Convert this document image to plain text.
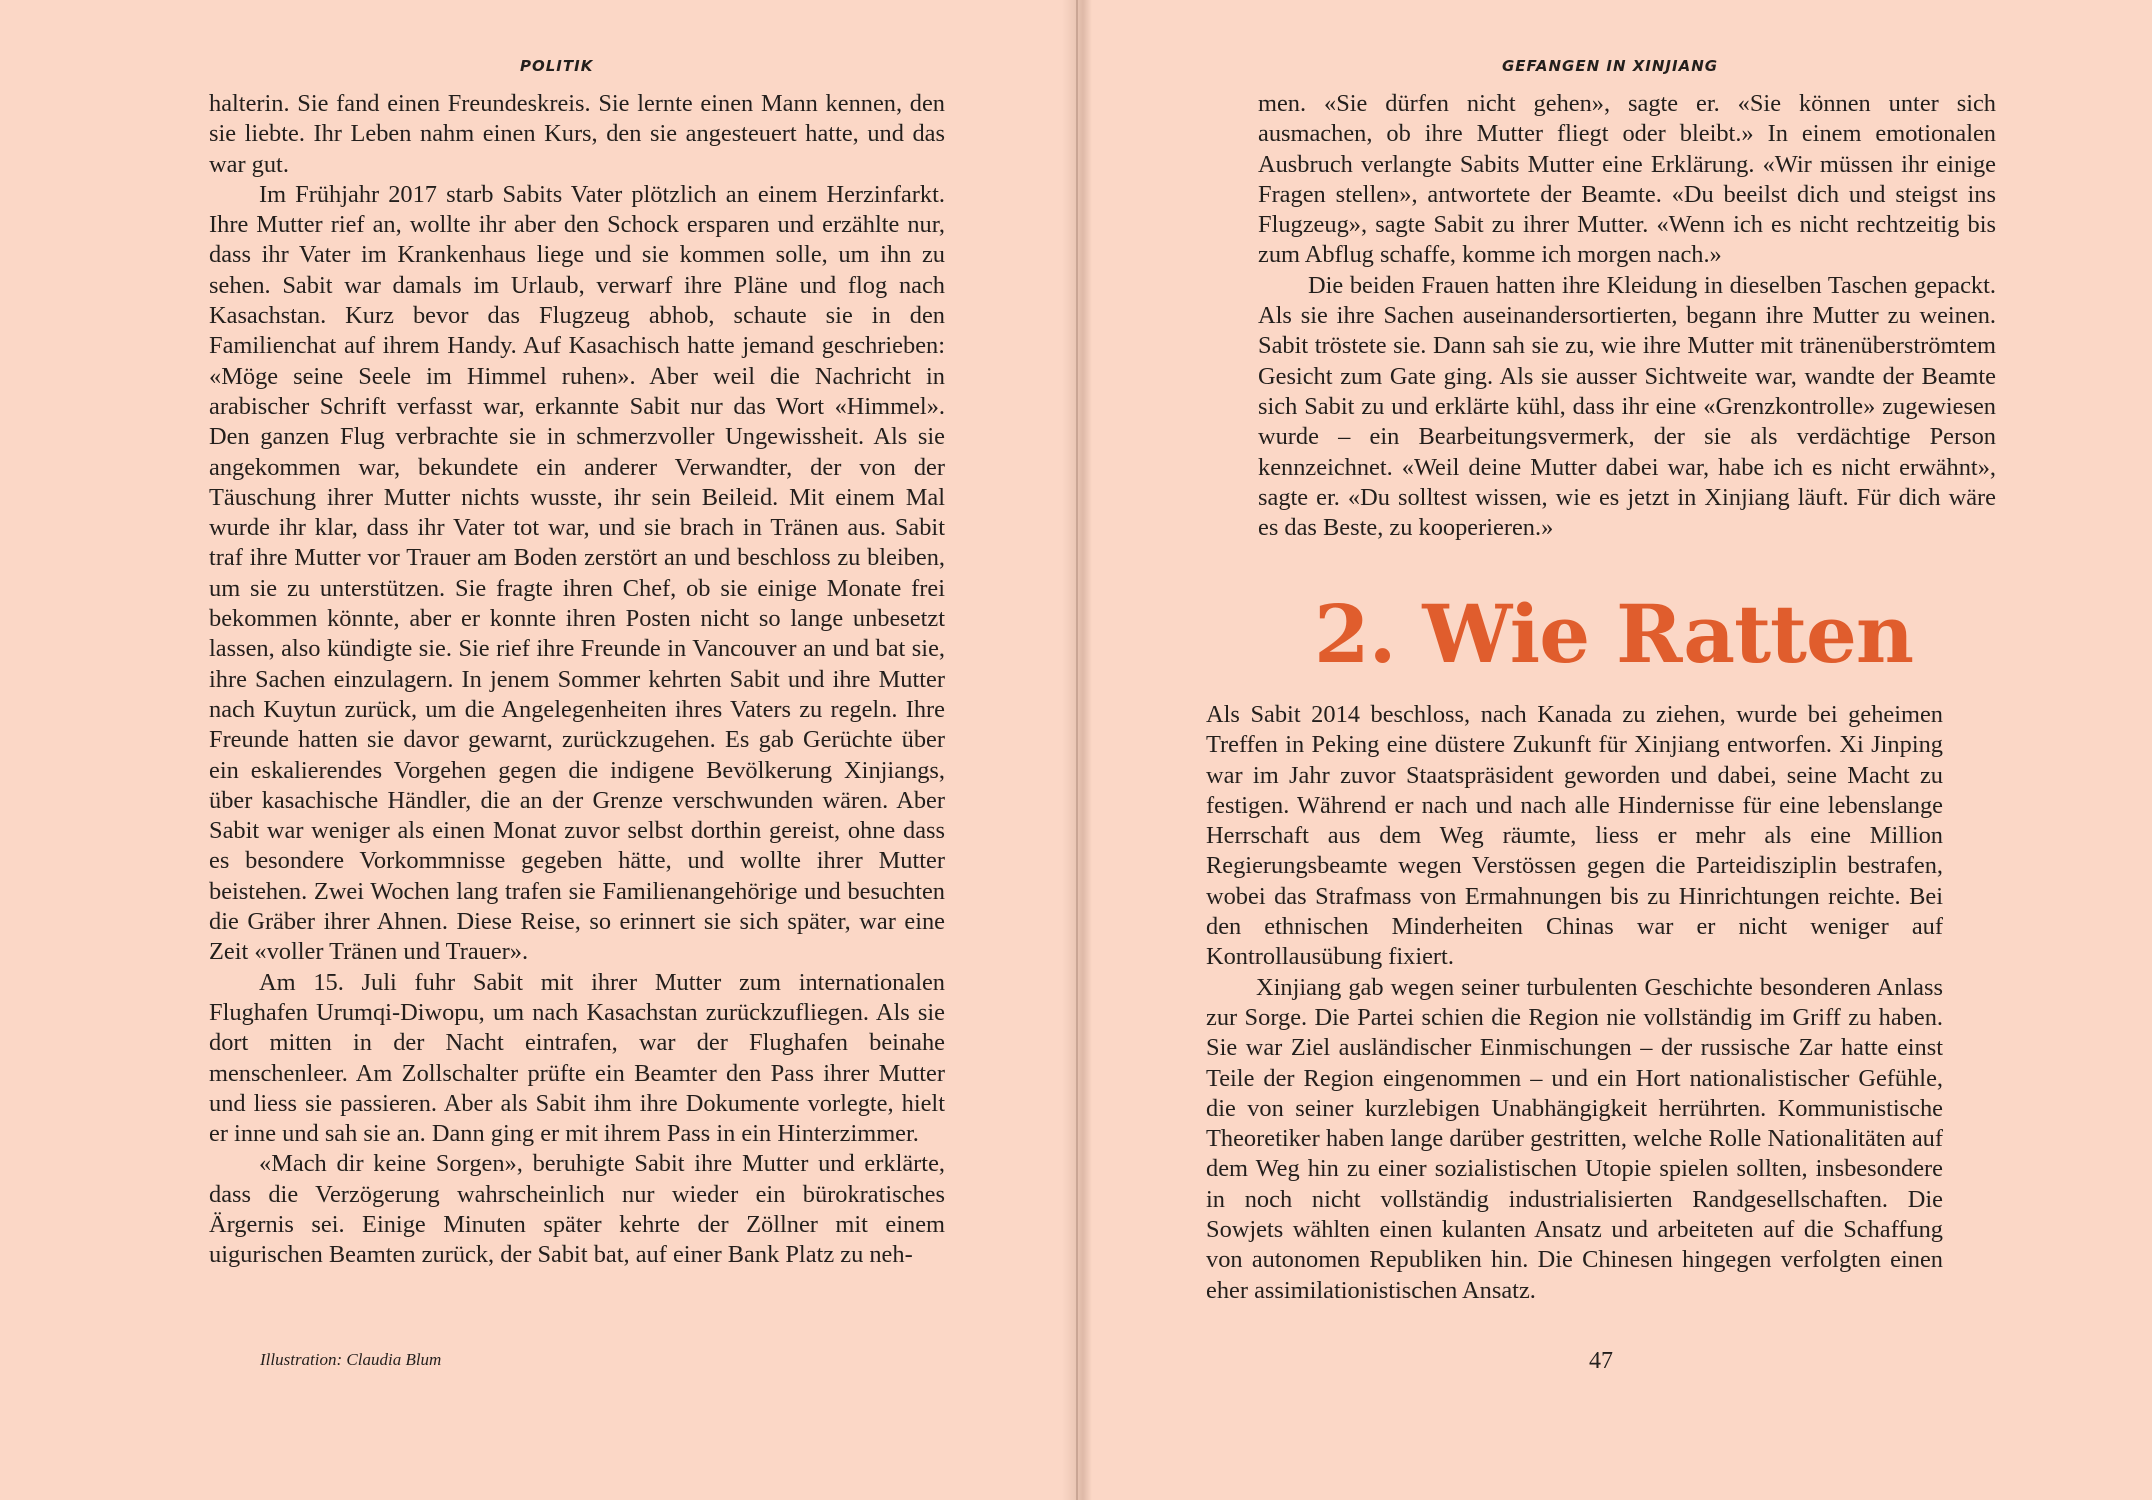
POLITIK

halterin. Sie fand einen Freundeskreis. Sie lernte einen Mann kennen, den sie liebte. Ihr Leben nahm einen Kurs, den sie angesteuert hatte, und das war gut.

Im Frühjahr 2017 starb Sabits Vater plötzlich an einem Herzinfarkt. Ihre Mutter rief an, wollte ihr aber den Schock ersparen und erzählte nur, dass ihr Vater im Krankenhaus liege und sie kommen solle, um ihn zu sehen. Sabit war damals im Urlaub, verwarf ihre Pläne und flog nach Kasachstan. Kurz bevor das Flugzeug abhob, schaute sie in den Familienchat auf ihrem Handy. Auf Kasachisch hatte jemand geschrieben: «Möge seine Seele im Himmel ruhen». Aber weil die Nachricht in arabischer Schrift verfasst war, erkannte Sabit nur das Wort «Himmel». Den ganzen Flug verbrachte sie in schmerzvoller Ungewissheit. Als sie angekommen war, bekundete ein anderer Verwandter, der von der Täuschung ihrer Mutter nichts wusste, ihr sein Beileid. Mit einem Mal wurde ihr klar, dass ihr Vater tot war, und sie brach in Tränen aus. Sabit traf ihre Mutter vor Trauer am Boden zerstört an und beschloss zu bleiben, um sie zu unterstützen. Sie fragte ihren Chef, ob sie einige Monate frei bekommen könnte, aber er konnte ihren Posten nicht so lange unbesetzt lassen, also kündigte sie. Sie rief ihre Freunde in Vancouver an und bat sie, ihre Sachen einzulagern. In jenem Sommer kehrten Sabit und ihre Mutter nach Kuytun zurück, um die Angelegenheiten ihres Vaters zu regeln. Ihre Freunde hatten sie davor gewarnt, zurückzugehen. Es gab Gerüchte über ein eskalierendes Vorgehen gegen die indigene Bevölkerung Xinjiangs, über kasachische Händler, die an der Grenze verschwunden wären. Aber Sabit war weniger als einen Monat zuvor selbst dorthin gereist, ohne dass es besondere Vorkommnisse gegeben hätte, und wollte ihrer Mutter beistehen. Zwei Wochen lang trafen sie Familienangehörige und besuchten die Gräber ihrer Ahnen. Diese Reise, so erinnert sie sich später, war eine Zeit «voller Tränen und Trauer».

Am 15. Juli fuhr Sabit mit ihrer Mutter zum internationalen Flughafen Urumqi-Diwopu, um nach Kasachstan zurückzufliegen. Als sie dort mitten in der Nacht eintrafen, war der Flughafen beinahe menschenleer. Am Zollschalter prüfte ein Beamter den Pass ihrer Mutter und liess sie passieren. Aber als Sabit ihm ihre Dokumente vorlegte, hielt er inne und sah sie an. Dann ging er mit ihrem Pass in ein Hinterzimmer.

«Mach dir keine Sorgen», beruhigte Sabit ihre Mutter und erklärte, dass die Verzögerung wahrscheinlich nur wieder ein bürokratisches Ärgernis sei. Einige Minuten später kehrte der Zöllner mit einem uigurischen Beamten zurück, der Sabit bat, auf einer Bank Platz zu neh-

Illustration: Claudia Blum
GEFANGEN IN XINJIANG

men. «Sie dürfen nicht gehen», sagte er. «Sie können unter sich ausmachen, ob ihre Mutter fliegt oder bleibt.» In einem emotionalen Ausbruch verlangte Sabits Mutter eine Erklärung. «Wir müssen ihr einige Fragen stellen», antwortete der Beamte. «Du beeilst dich und steigst ins Flugzeug», sagte Sabit zu ihrer Mutter. «Wenn ich es nicht rechtzeitig bis zum Abflug schaffe, komme ich morgen nach.»

Die beiden Frauen hatten ihre Kleidung in dieselben Taschen gepackt. Als sie ihre Sachen auseinandersortierten, begann ihre Mutter zu weinen. Sabit tröstete sie. Dann sah sie zu, wie ihre Mutter mit tränenüberströmtem Gesicht zum Gate ging. Als sie ausser Sichtweite war, wandte der Beamte sich Sabit zu und erklärte kühl, dass ihr eine «Grenzkontrolle» zugewiesen wurde – ein Bearbeitungsvermerk, der sie als verdächtige Person kennzeichnet. «Weil deine Mutter dabei war, habe ich es nicht erwähnt», sagte er. «Du solltest wissen, wie es jetzt in Xinjiang läuft. Für dich wäre es das Beste, zu kooperieren.»

2. Wie Ratten

Als Sabit 2014 beschloss, nach Kanada zu ziehen, wurde bei geheimen Treffen in Peking eine düstere Zukunft für Xinjiang entworfen. Xi Jinping war im Jahr zuvor Staatspräsident geworden und dabei, seine Macht zu festigen. Während er nach und nach alle Hindernisse für eine lebenslange Herrschaft aus dem Weg räumte, liess er mehr als eine Million Regierungsbeamte wegen Verstössen gegen die Parteidisziplin bestrafen, wobei das Strafmass von Ermahnungen bis zu Hinrichtungen reichte. Bei den ethnischen Minderheiten Chinas war er nicht weniger auf Kontrollausübung fixiert.

Xinjiang gab wegen seiner turbulenten Geschichte besonderen Anlass zur Sorge. Die Partei schien die Region nie vollständig im Griff zu haben. Sie war Ziel ausländischer Einmischungen – der russische Zar hatte einst Teile der Region eingenommen – und ein Hort nationalistischer Gefühle, die von seiner kurzlebigen Unabhängigkeit herrührten. Kommunistische Theoretiker haben lange darüber gestritten, welche Rolle Nationalitäten auf dem Weg hin zu einer sozialistischen Utopie spielen sollten, insbesondere in noch nicht vollständig industrialisierten Randgesellschaften. Die Sowjets wählten einen kulanten Ansatz und arbeiteten auf die Schaffung von autonomen Republiken hin. Die Chinesen hingegen verfolgten einen eher assimilationistischen Ansatz.

47
